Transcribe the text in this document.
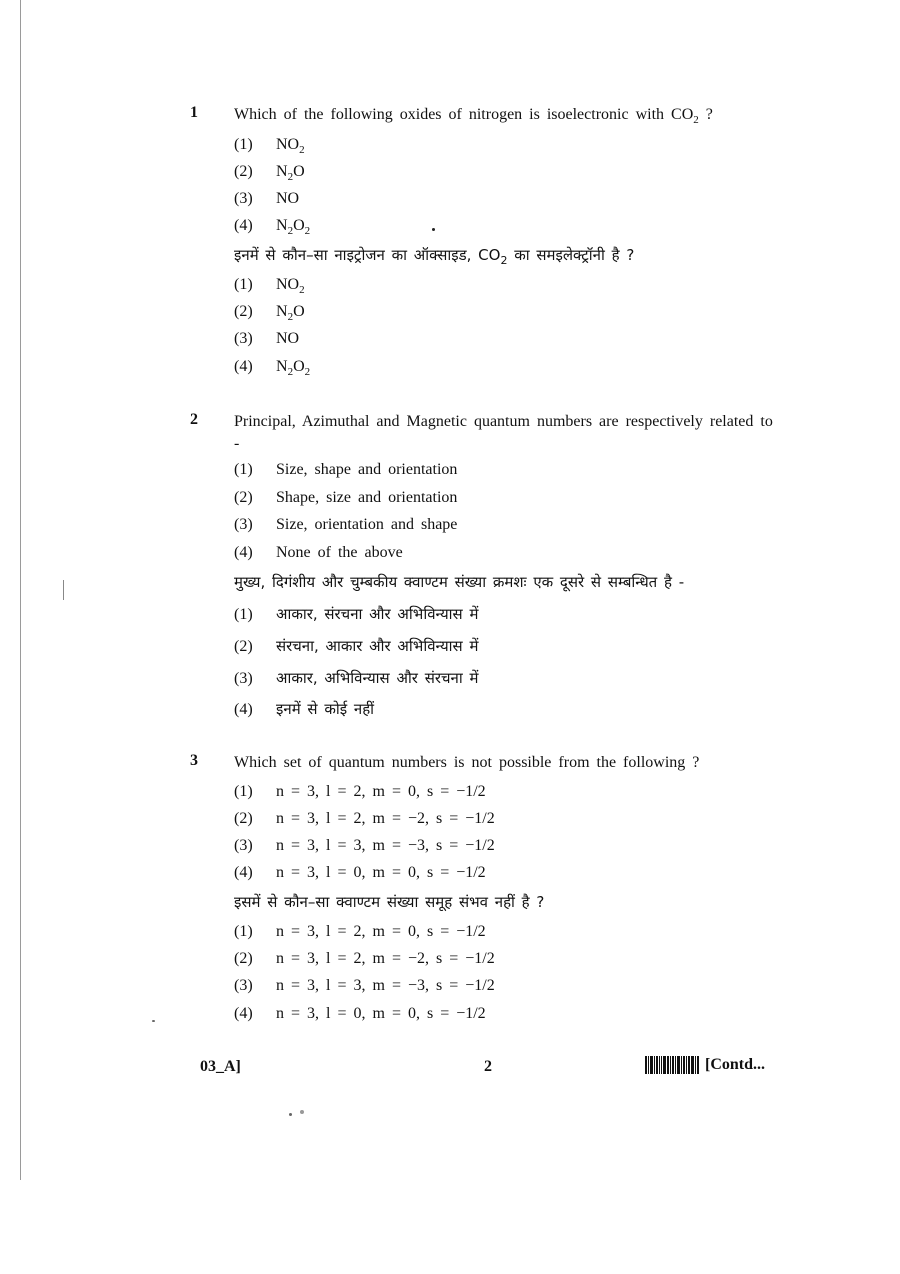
1 Which of the following oxides of nitrogen is isoelectronic with $CO_2$ ?
(1) $NO_2$
(2) $N_2O$
(3) NO
(4) $N_2O_2$
इनमें से कौन–सा नाइट्रोजन का ऑक्साइड, $CO_2$ का समइलेक्ट्रॉनी है ?
(1) $NO_2$
(2) $N_2O$
(3) NO
(4) $N_2O_2$
2 Principal, Azimuthal and Magnetic quantum numbers are respectively related to -
(1) Size, shape and orientation
(2) Shape, size and orientation
(3) Size, orientation and shape
(4) None of the above
मुख्य, दिगंशीय और चुम्बकीय क्वाण्टम संख्या क्रमशः एक दूसरे से सम्बन्धित है -
(1) आकार, संरचना और अभिविन्यास में
(2) संरचना, आकार और अभिविन्यास में
(3) आकार, अभिविन्यास और संरचना में
(4) इनमें से कोई नहीं
3 Which set of quantum numbers is not possible from the following ?
(1) n = 3, l = 2, m = 0, s = −1/2
(2) n = 3, l = 2, m = −2, s = −1/2
(3) n = 3, l = 3, m = −3, s = −1/2
(4) n = 3, l = 0, m = 0, s = −1/2
इसमें से कौन–सा क्वाण्टम संख्या समूह संभव नहीं है ?
(1) n = 3, l = 2, m = 0, s = −1/2
(2) n = 3, l = 2, m = −2, s = −1/2
(3) n = 3, l = 3, m = −3, s = −1/2
(4) n = 3, l = 0, m = 0, s = −1/2
03_A]	2	[Contd...
